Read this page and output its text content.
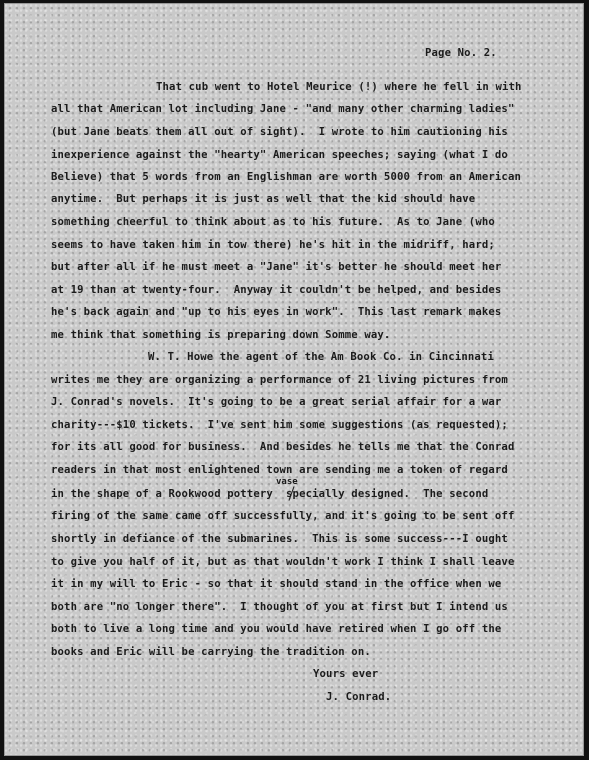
Page No. 2.
That cub went to Hotel Meurice (!) where he fell in with
all that American lot including Jane - "and many other charming ladies"
(but Jane beats them all out of sight).  I wrote to him cautioning his
inexperience against the "hearty" American speeches; saying (what I do
Believe) that 5 words from an Englishman are worth 5000 from an American
anytime.  But perhaps it is just as well that the kid should have
something cheerful to think about as to his future.  As to Jane (who
seems to have taken him in tow there) he's hit in the midriff, hard;
but after all if he must meet a "Jane" it's better he should meet her
at 19 than at twenty-four.  Anyway it couldn't be helped, and besides
he's back again and "up to his eyes in work".  This last remark makes
me think that something is preparing down Somme way.
W. T. Howe the agent of the Am Book Co. in Cincinnati
writes me they are organizing a performance of 21 living pictures from
J. Conrad's novels.  It's going to be a great serial affair for a war
charity---$10 tickets.  I've sent him some suggestions (as requested);
for its all good for business.  And besides he tells me that the Conrad
readers in that most enlightened town are sending me a token of regard
vase
in the shape of a Rookwood pottery  specially designed.  The second
firing of the same came off successfully, and it's going to be sent off
shortly in defiance of the submarines.  This is some success---I ought
to give you half of it, but as that wouldn't work I think I shall leave
it in my will to Eric - so that it should stand in the office when we
both are "no longer there".  I thought of you at first but I intend us
both to live a long time and you would have retired when I go off the
books and Eric will be carrying the tradition on.
Yours ever
J. Conrad.
